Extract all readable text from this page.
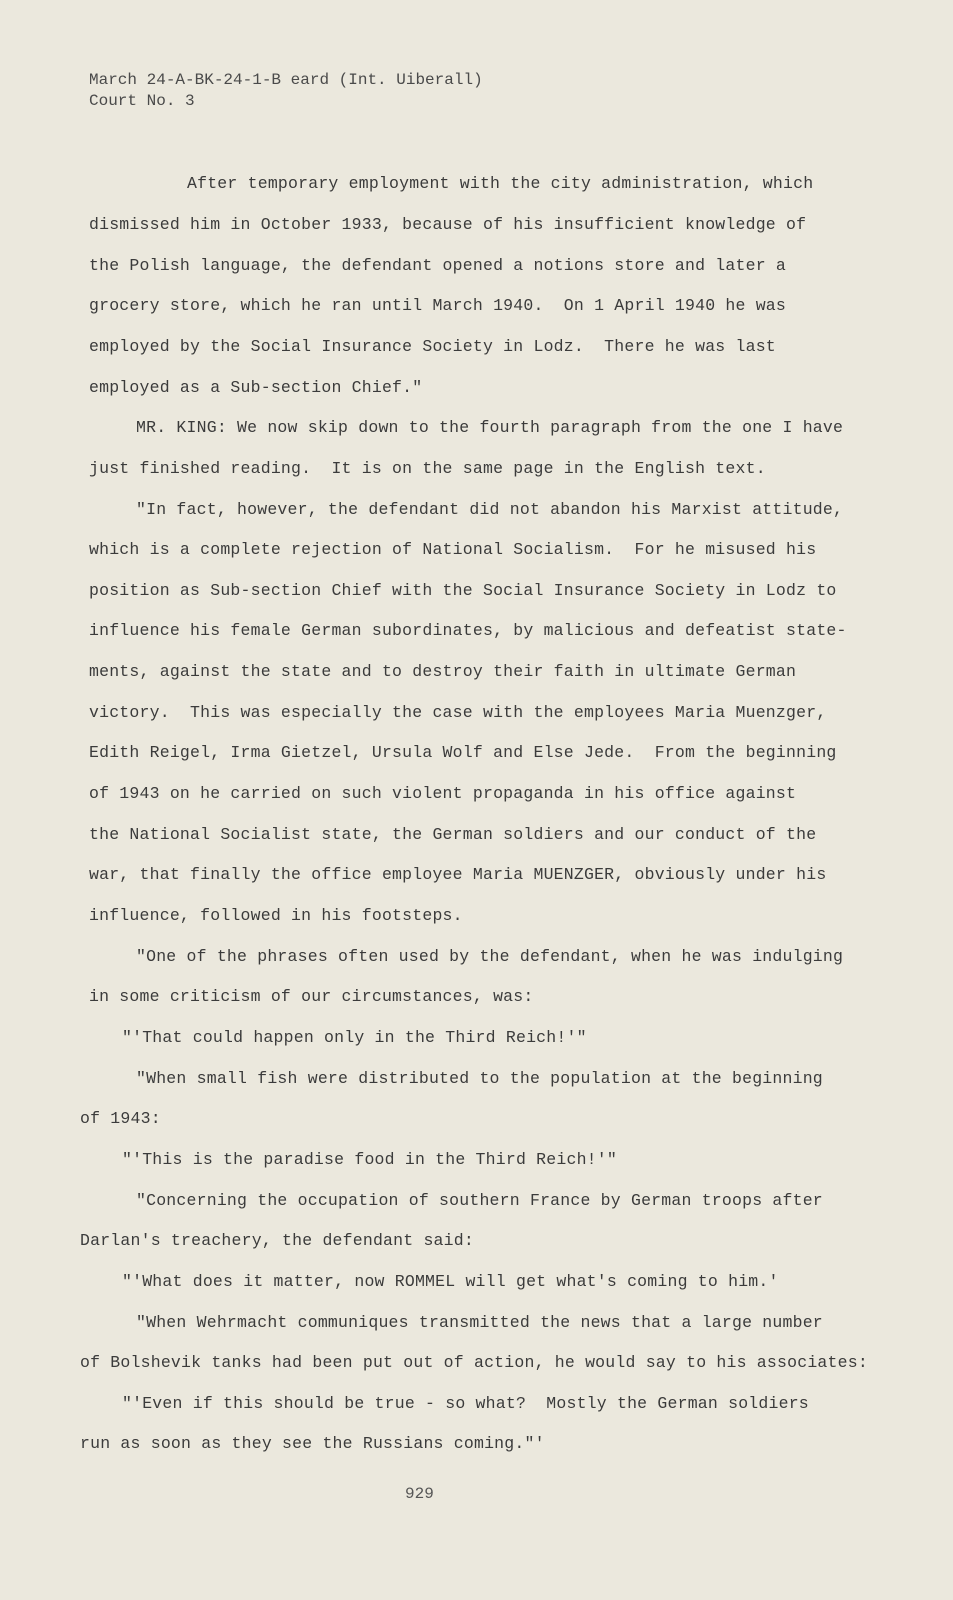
March 24-A-BK-24-1-B eard (Int. Uiberall)
Court No. 3
After temporary employment with the city administration, which
dismissed him in October 1933, because of his insufficient knowledge of
the Polish language, the defendant opened a notions store and later a
grocery store, which he ran until March 1940.  On 1 April 1940 he was
employed by the Social Insurance Society in Lodz.  There he was last
employed as a Sub-section Chief."
MR. KING: We now skip down to the fourth paragraph from the one I have
just finished reading.  It is on the same page in the English text.
"In fact, however, the defendant did not abandon his Marxist attitude,
which is a complete rejection of National Socialism.  For he misused his
position as Sub-section Chief with the Social Insurance Society in Lodz to
influence his female German subordinates, by malicious and defeatist state-
ments, against the state and to destroy their faith in ultimate German
victory.  This was especially the case with the employees Maria Muenzger,
Edith Reigel, Irma Gietzel, Ursula Wolf and Else Jede.  From the beginning
of 1943 on he carried on such violent propaganda in his office against
the National Socialist state, the German soldiers and our conduct of the
war, that finally the office employee Maria MUENZGER, obviously under his
influence, followed in his footsteps.
"One of the phrases often used by the defendant, when he was indulging
in some criticism of our circumstances, was:
"'That could happen only in the Third Reich!'"
"When small fish were distributed to the population at the beginning
of 1943:
"'This is the paradise food in the Third Reich!'"
"Concerning the occupation of southern France by German troops after
Darlan's treachery, the defendant said:
"'What does it matter, now ROMMEL will get what's coming to him.'
"When Wehrmacht communiques transmitted the news that a large number
of Bolshevik tanks had been put out of action, he would say to his associates:
"'Even if this should be true - so what?  Mostly the German soldiers
run as soon as they see the Russians coming."'
929
